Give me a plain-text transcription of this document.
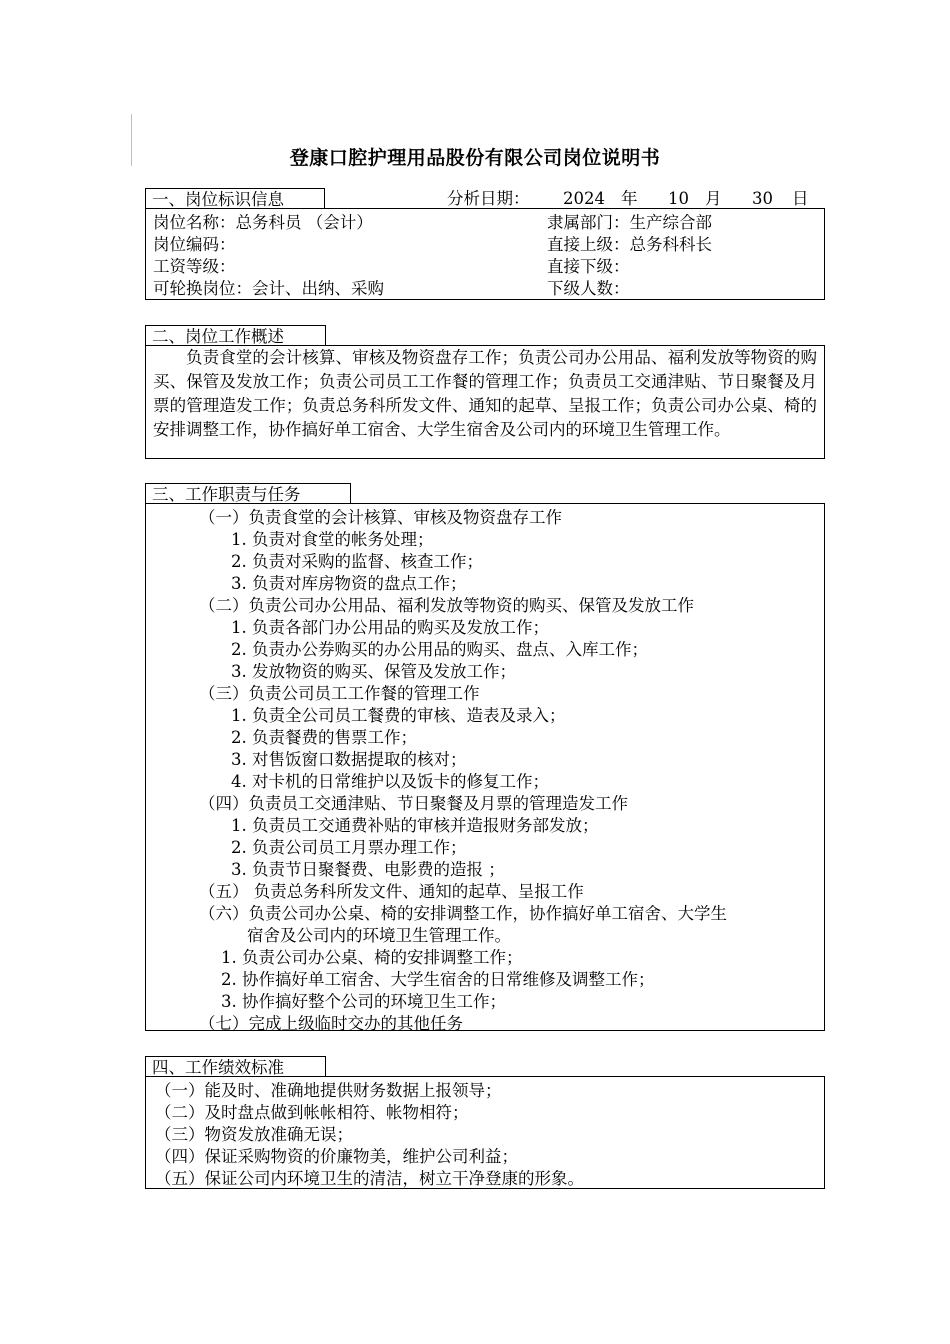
登康口腔护理用品股份有限公司岗位说明书
一、岗位标识信息	分析日期： 2024 年 10 月 30 日
岗位名称：总务科员 （会计）
岗位编码：
工资等级：
可轮换岗位：会计、出纳、采购
隶属部门：生产综合部
直接上级：总务科科长
直接下级：
下级人数：
二、岗位工作概述
负责食堂的会计核算、审核及物资盘存工作；负责公司办公用品、福利发放等物资的购买、保管及发放工作；负责公司员工工作餐的管理工作；负责员工交通津贴、节日聚餐及月票的管理造发工作；负责总务科所发文件、通知的起草、呈报工作；负责公司办公桌、椅的安排调整工作，协作搞好单工宿舍、大学生宿舍及公司内的环境卫生管理工作。
三、工作职责与任务
（一）负责食堂的会计核算、审核及物资盘存工作
1. 负责对食堂的帐务处理；
2. 负责对采购的监督、核查工作；
3. 负责对库房物资的盘点工作；
（二）负责公司办公用品、福利发放等物资的购买、保管及发放工作
1. 负责各部门办公用品的购买及发放工作；
2. 负责办公券购买的办公用品的购买、盘点、入库工作；
3. 发放物资的购买、保管及发放工作；
（三）负责公司员工工作餐的管理工作
1. 负责全公司员工餐费的审核、造表及录入；
2. 负责餐费的售票工作；
3. 对售饭窗口数据提取的核对；
4. 对卡机的日常维护以及饭卡的修复工作；
（四）负责员工交通津贴、节日聚餐及月票的管理造发工作
1. 负责员工交通费补贴的审核并造报财务部发放；
2. 负责公司员工月票办理工作；
3. 负责节日聚餐费、电影费的造报 ；
（五） 负责总务科所发文件、通知的起草、呈报工作
（六）负责公司办公桌、椅的安排调整工作，协作搞好单工宿舍、大学生
宿舍及公司内的环境卫生管理工作。
1. 负责公司办公桌、椅的安排调整工作；
2. 协作搞好单工宿舍、大学生宿舍的日常维修及调整工作；
3. 协作搞好整个公司的环境卫生工作；
（七）完成上级临时交办的其他任务
四、工作绩效标准
（一）能及时、准确地提供财务数据上报领导；
（二）及时盘点做到帐帐相符、帐物相符；
（三）物资发放准确无误；
（四）保证采购物资的价廉物美，维护公司利益；
（五）保证公司内环境卫生的清洁，树立干净登康的形象。
